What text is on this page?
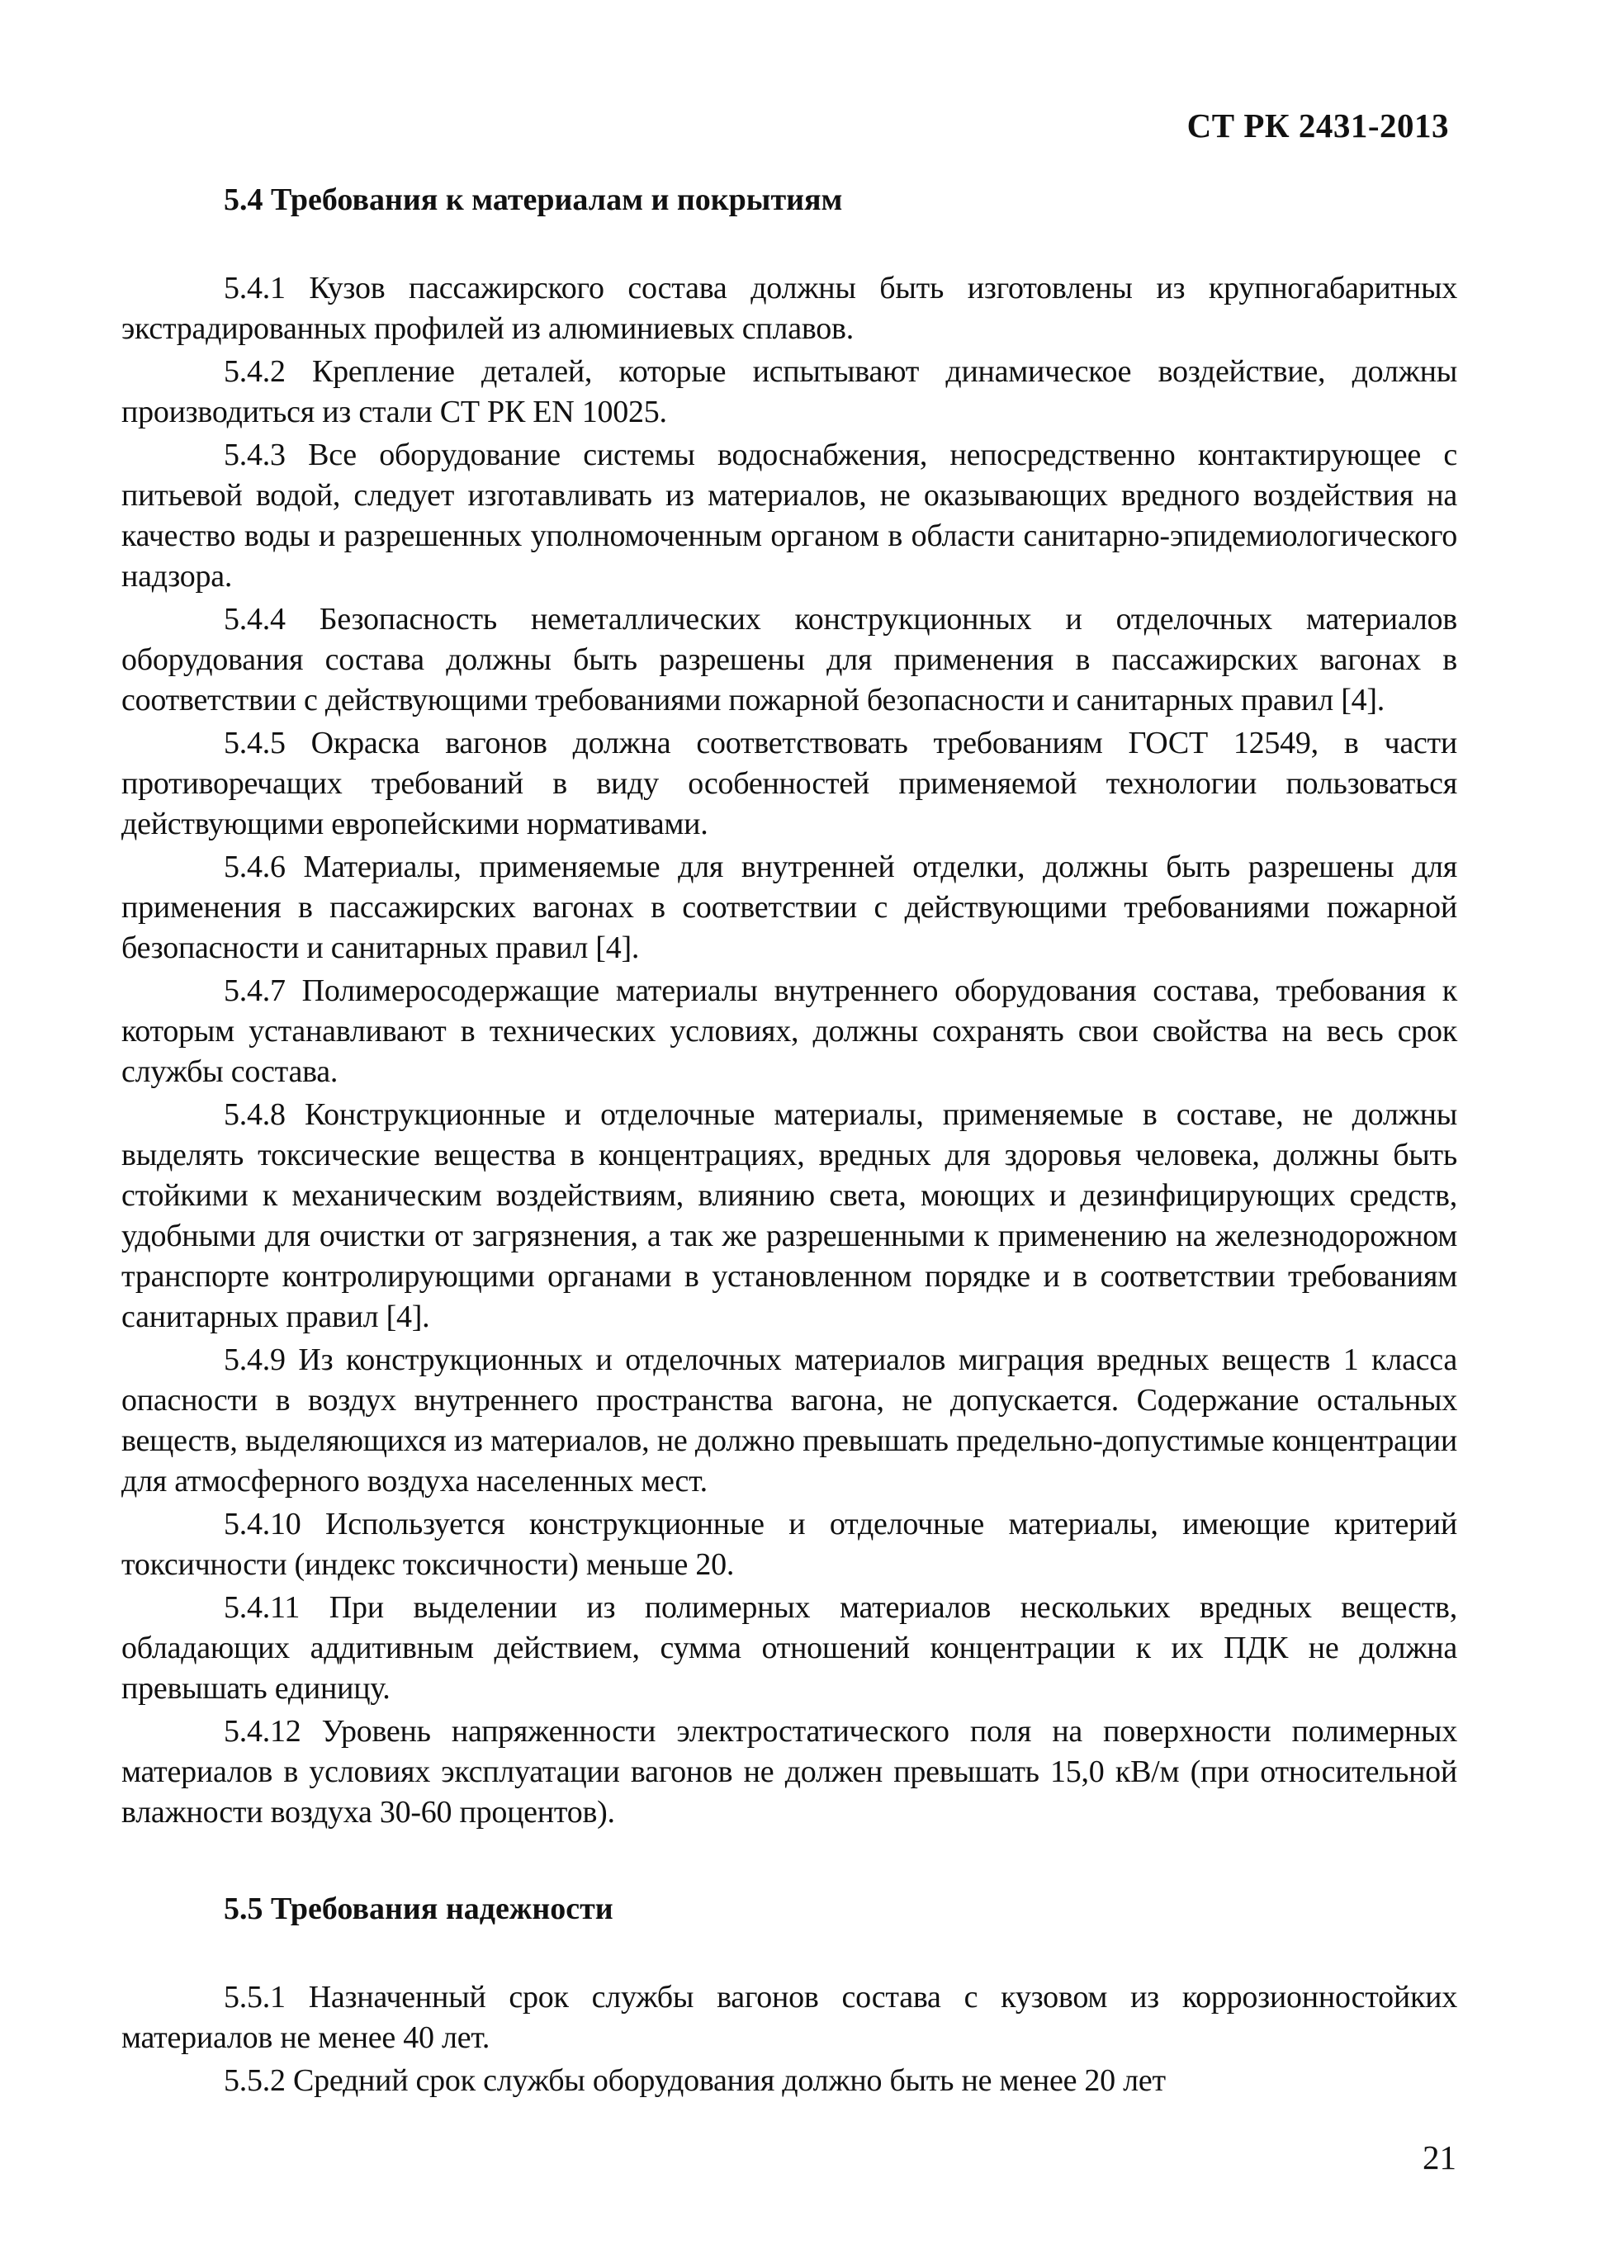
СТ РК 2431-2013
5.4 Требования к материалам и покрытиям

5.4.1 Кузов пассажирского состава должны быть изготовлены из крупногабаритных экстрадированных профилей из алюминиевых сплавов.

5.4.2 Крепление деталей, которые испытывают динамическое воздействие, должны производиться из стали СТ РК EN 10025.

5.4.3 Все оборудование системы водоснабжения, непосредственно контактирующее с питьевой водой, следует изготавливать из материалов, не оказывающих вредного воздействия на качество воды и разрешенных уполномоченным органом в области санитарно-эпидемиологического надзора.

5.4.4 Безопасность неметаллических конструкционных и отделочных материалов оборудования состава должны быть разрешены для применения в пассажирских вагонах в соответствии с действующими требованиями пожарной безопасности и санитарных правил [4].

5.4.5 Окраска вагонов должна соответствовать требованиям ГОСТ 12549, в части противоречащих требований в виду особенностей применяемой технологии пользоваться действующими европейскими нормативами.

5.4.6 Материалы, применяемые для внутренней отделки, должны быть разрешены для применения в пассажирских вагонах в соответствии с действующими требованиями пожарной безопасности и санитарных правил [4].

5.4.7 Полимеросодержащие материалы внутреннего оборудования состава, требования к которым устанавливают в технических условиях, должны сохранять свои свойства на весь срок службы состава.

5.4.8 Конструкционные и отделочные материалы, применяемые в составе, не должны выделять токсические вещества в концентрациях, вредных для здоровья человека, должны быть стойкими к механическим воздействиям, влиянию света, моющих и дезинфицирующих средств, удобными для очистки от загрязнения, а так же разрешенными к применению на железнодорожном транспорте контролирующими органами в установленном порядке и в соответствии требованиям санитарных правил [4].

5.4.9 Из конструкционных и отделочных материалов миграция вредных веществ 1 класса опасности в воздух внутреннего пространства вагона, не допускается. Содержание остальных веществ, выделяющихся из материалов, не должно превышать предельно-допустимые концентрации для атмосферного воздуха населенных мест.

5.4.10 Используется конструкционные и отделочные материалы, имеющие критерий токсичности (индекс токсичности) меньше 20.

5.4.11 При выделении из полимерных материалов нескольких вредных веществ, обладающих аддитивным действием, сумма отношений концентрации к их ПДК не должна превышать единицу.

5.4.12 Уровень напряженности электростатического поля на поверхности полимерных материалов в условиях эксплуатации вагонов не должен превышать 15,0 кВ/м (при относительной влажности воздуха 30-60 процентов).

5.5 Требования надежности

5.5.1 Назначенный срок службы вагонов состава с кузовом из коррозионностойких материалов не менее 40 лет.

5.5.2 Средний срок службы оборудования должно быть не менее 20 лет

21
